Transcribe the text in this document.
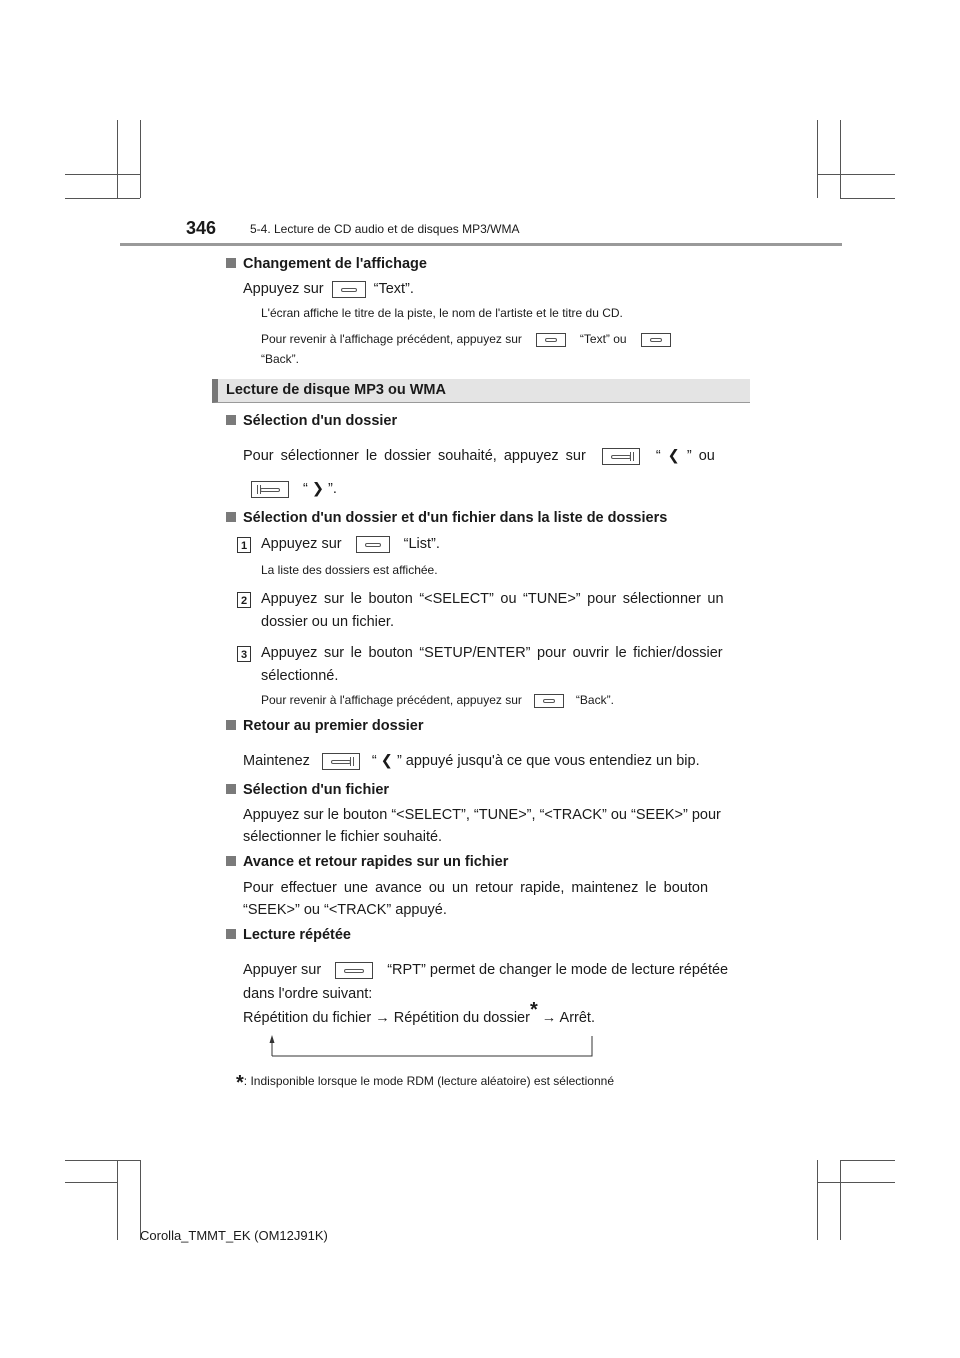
346	5-4. Lecture de CD audio et de disques MP3/WMA
Changement de l'affichage
Appuyez sur	“Text”.
L'écran affiche le titre de la piste, le nom de l'artiste et le titre du CD.
Pour revenir à l'affichage précédent, appuyez sur	“Text” ou
“Back”.
Lecture de disque MP3 ou WMA
Sélection d'un dossier
Pour sélectionner le dossier souhaité, appuyez sur	“ ❮ ” ou
“ ❯ ”.
Sélection d'un dossier et d'un fichier dans la liste de dossiers
1 Appuyez sur	“List”.
La liste des dossiers est affichée.
2 Appuyez sur le bouton “<SELECT” ou “TUNE>” pour sélectionner un
dossier ou un fichier.
3 Appuyez sur le bouton “SETUP/ENTER” pour ouvrir le fichier/dossier
sélectionné.
Pour revenir à l'affichage précédent, appuyez sur	“Back”.
Retour au premier dossier
Maintenez	“ ❮ ” appuyé jusqu'à ce que vous entendiez un bip.
Sélection d'un fichier
Appuyez sur le bouton “<SELECT”, “TUNE>”, “<TRACK” ou “SEEK>” pour
sélectionner le fichier souhaité.
Avance et retour rapides sur un fichier
Pour effectuer une avance ou un retour rapide, maintenez le bouton
“SEEK>” ou “<TRACK” appuyé.
Lecture répétée
Appuyer sur	“RPT” permet de changer le mode de lecture répétée
dans l'ordre suivant:
Répétition du fichier → Répétition du dossier* → Arrêt.
*: Indisponible lorsque le mode RDM (lecture aléatoire) est sélectionné
Corolla_TMMT_EK (OM12J91K)
